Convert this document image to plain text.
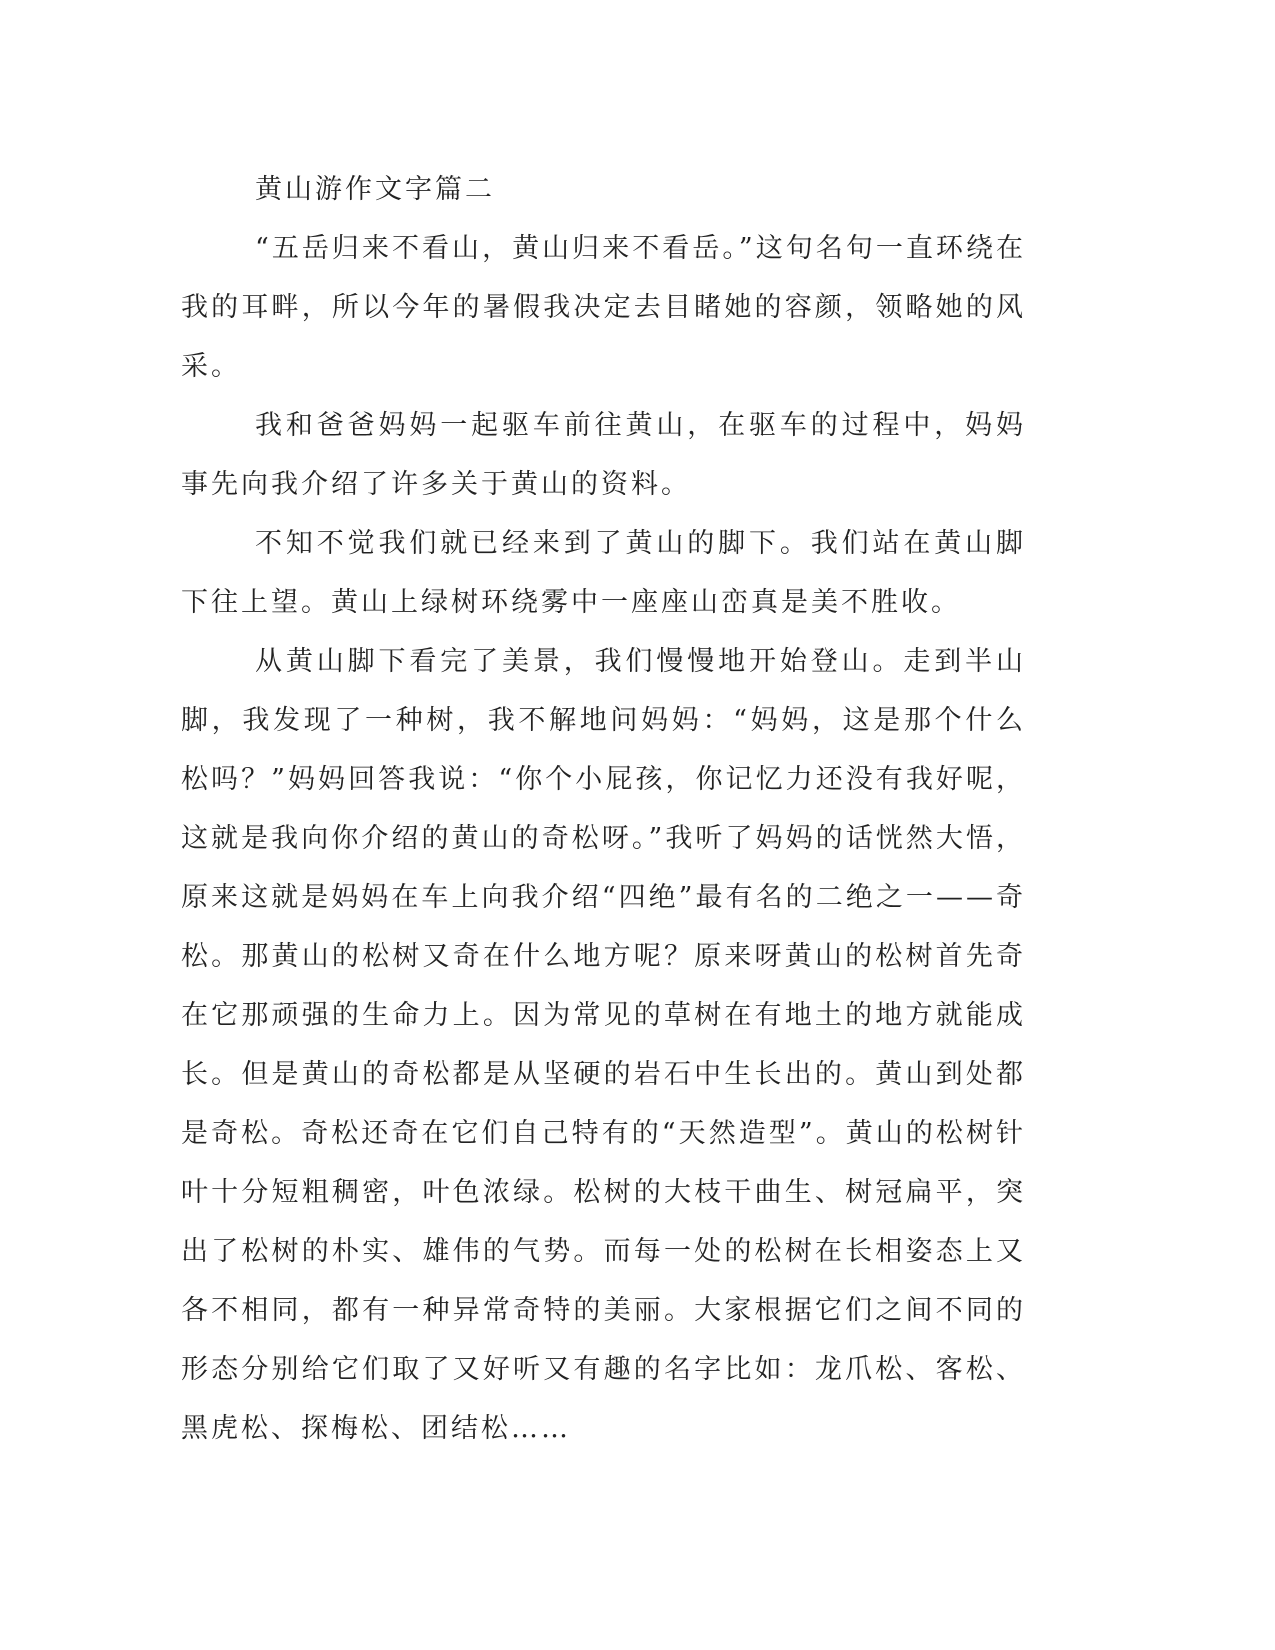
黄山游作文字篇二

“五岳归来不看山，黄山归来不看岳。”这句名句一直环绕在我的耳畔，所以今年的暑假我决定去目睹她的容颜，领略她的风采。

我和爸爸妈妈一起驱车前往黄山，在驱车的过程中，妈妈事先向我介绍了许多关于黄山的资料。

不知不觉我们就已经来到了黄山的脚下。我们站在黄山脚下往上望。黄山上绿树环绕雾中一座座山峦真是美不胜收。

从黄山脚下看完了美景，我们慢慢地开始登山。走到半山脚，我发现了一种树，我不解地问妈妈：“妈妈，这是那个什么松吗？”妈妈回答我说：“你个小屁孩，你记忆力还没有我好呢，这就是我向你介绍的黄山的奇松呀。”我听了妈妈的话恍然大悟，原来这就是妈妈在车上向我介绍“四绝”最有名的二绝之一——奇松。那黄山的松树又奇在什么地方呢？原来呀黄山的松树首先奇在它那顽强的生命力上。因为常见的草树在有地土的地方就能成长。但是黄山的奇松都是从坚硬的岩石中生长出的。黄山到处都是奇松。奇松还奇在它们自己特有的“天然造型”。黄山的松树针叶十分短粗稠密，叶色浓绿。松树的大枝干曲生、树冠扁平，突出了松树的朴实、雄伟的气势。而每一处的松树在长相姿态上又各不相同，都有一种异常奇特的美丽。大家根据它们之间不同的形态分别给它们取了又好听又有趣的名字比如：龙爪松、客松、黑虎松、探梅松、团结松……
